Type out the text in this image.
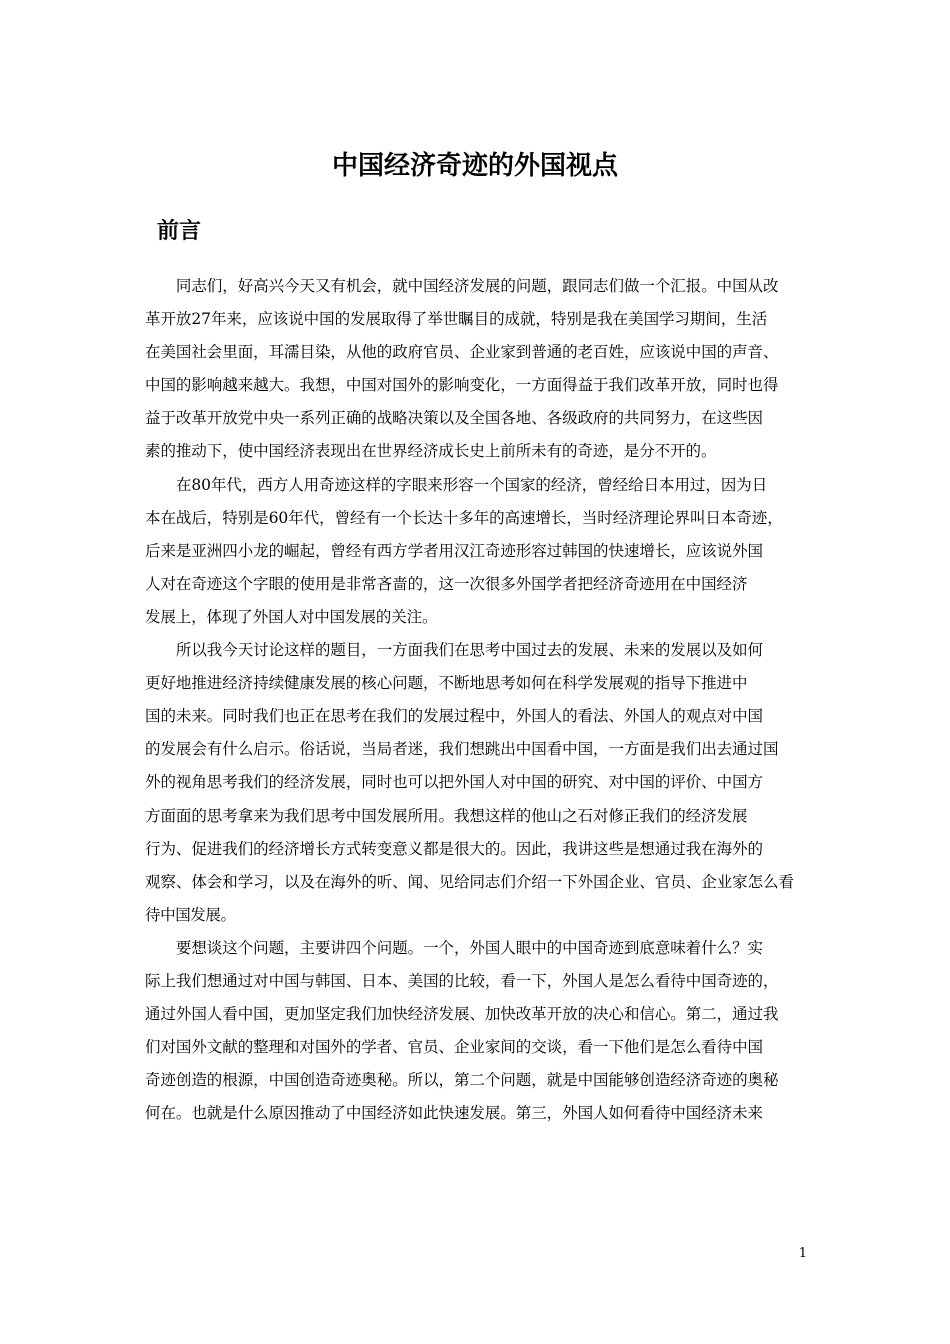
中国经济奇迹的外国视点
前言
　　同志们，好高兴今天又有机会，就中国经济发展的问题，跟同志们做一个汇报。中国从改
革开放27年来，应该说中国的发展取得了举世瞩目的成就，特别是我在美国学习期间，生活
在美国社会里面，耳濡目染，从他的政府官员、企业家到普通的老百姓，应该说中国的声音、
中国的影响越来越大。我想，中国对国外的影响变化，一方面得益于我们改革开放，同时也得
益于改革开放党中央一系列正确的战略决策以及全国各地、各级政府的共同努力，在这些因
素的推动下，使中国经济表现出在世界经济成长史上前所未有的奇迹，是分不开的。
　　在80年代，西方人用奇迹这样的字眼来形容一个国家的经济，曾经给日本用过，因为日
本在战后，特别是60年代，曾经有一个长达十多年的高速增长，当时经济理论界叫日本奇迹，
后来是亚洲四小龙的崛起，曾经有西方学者用汉江奇迹形容过韩国的快速增长，应该说外国
人对在奇迹这个字眼的使用是非常吝啬的，这一次很多外国学者把经济奇迹用在中国经济
发展上，体现了外国人对中国发展的关注。
　　所以我今天讨论这样的题目，一方面我们在思考中国过去的发展、未来的发展以及如何
更好地推进经济持续健康发展的核心问题，不断地思考如何在科学发展观的指导下推进中
国的未来。同时我们也正在思考在我们的发展过程中，外国人的看法、外国人的观点对中国
的发展会有什么启示。俗话说，当局者迷，我们想跳出中国看中国，一方面是我们出去通过国
外的视角思考我们的经济发展，同时也可以把外国人对中国的研究、对中国的评价、中国方
方面面的思考拿来为我们思考中国发展所用。我想这样的他山之石对修正我们的经济发展
行为、促进我们的经济增长方式转变意义都是很大的。因此，我讲这些是想通过我在海外的
观察、体会和学习，以及在海外的听、闻、见给同志们介绍一下外国企业、官员、企业家怎么看
待中国发展。
　　要想谈这个问题，主要讲四个问题。一个，外国人眼中的中国奇迹到底意味着什么？实
际上我们想通过对中国与韩国、日本、美国的比较，看一下，外国人是怎么看待中国奇迹的，
通过外国人看中国，更加坚定我们加快经济发展、加快改革开放的决心和信心。第二，通过我
们对国外文献的整理和对国外的学者、官员、企业家间的交谈，看一下他们是怎么看待中国
奇迹创造的根源，中国创造奇迹奥秘。所以，第二个问题，就是中国能够创造经济奇迹的奥秘
何在。也就是什么原因推动了中国经济如此快速发展。第三，外国人如何看待中国经济未来
1
